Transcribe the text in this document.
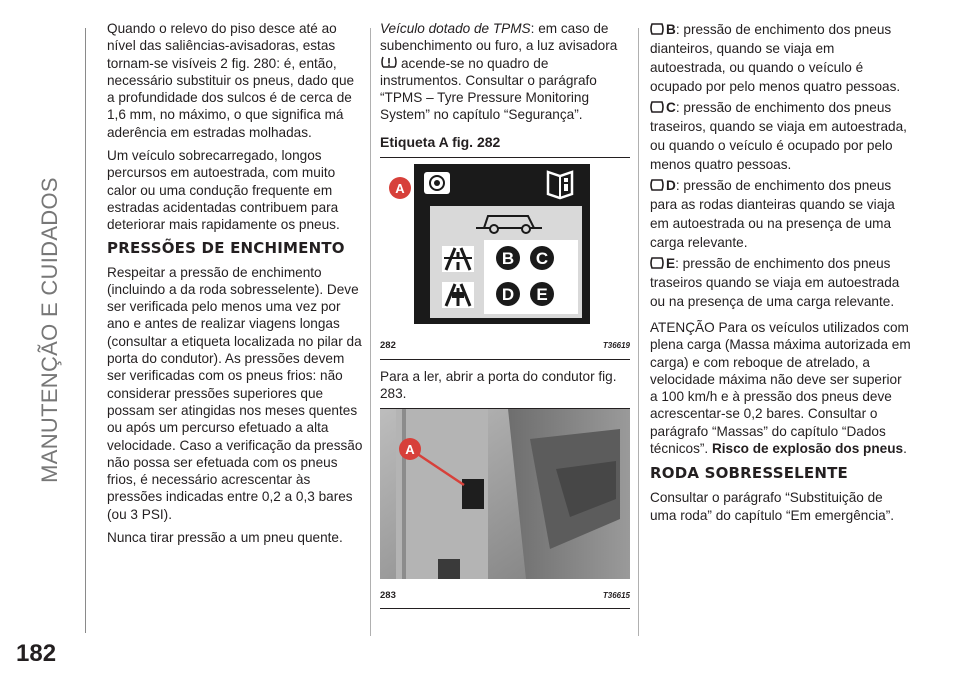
MANUTENÇÃO E CUIDADOS
182

Quando o relevo do piso desce até ao nível das saliências-avisadoras, estas tornam-se visíveis 2 fig. 280: é, então, necessário substituir os pneus, dado que a profundidade dos sulcos é de cerca de 1,6 mm, no máximo, o que significa má aderência em estradas molhadas.

Um veículo sobrecarregado, longos percursos em autoestrada, com muito calor ou uma condução frequente em estradas acidentadas contribuem para deteriorar mais rapidamente os pneus.

PRESSÕES DE ENCHIMENTO

Respeitar a pressão de enchimento (incluindo a da roda sobresselente). Deve ser verificada pelo menos uma vez por ano e antes de realizar viagens longas (consultar a etiqueta localizada no pilar da porta do condutor). As pressões devem ser verificadas com os pneus frios: não considerar pressões superiores que possam ser atingidas nos meses quentes ou após um percurso efetuado a alta velocidade. Caso a verificação da pressão não possa ser efetuada com os pneus frios, é necessário acrescentar às pressões indicadas entre 0,2 a 0,3 bares (ou 3 PSI).

Nunca tirar pressão a um pneu quente.

Veículo dotado de TPMS: em caso de subenchimento ou furo, a luz avisadora
acende-se no quadro de instrumentos. Consultar o parágrafo “TPMS – Tyre Pressure Monitoring System” no capítulo “Segurança”.

Etiqueta A fig. 282
B C
D E
A
282	T36619

Para a ler, abrir a porta do condutor fig. 283.

A
283	T36615

B: pressão de enchimento dos pneus dianteiros, quando se viaja em autoestrada, ou quando o veículo é ocupado por pelo menos quatro pessoas.

C: pressão de enchimento dos pneus traseiros, quando se viaja em autoestrada, ou quando o veículo é ocupado por pelo menos quatro pessoas.

D: pressão de enchimento dos pneus para as rodas dianteiras quando se viaja em autoestrada ou na presença de uma carga relevante.

E: pressão de enchimento dos pneus traseiros quando se viaja em autoestrada ou na presença de uma carga relevante.

ATENÇÃO Para os veículos utilizados com plena carga (Massa máxima autorizada em carga) e com reboque de atrelado, a velocidade máxima não deve ser superior a 100 km/h e à pressão dos pneus deve acrescentar-se 0,2 bares. Consultar o parágrafo “Massas” do capítulo “Dados técnicos”. Risco de explosão dos pneus.

RODA SOBRESSELENTE

Consultar o parágrafo “Substituição de uma roda” do capítulo “Em emergência”.
